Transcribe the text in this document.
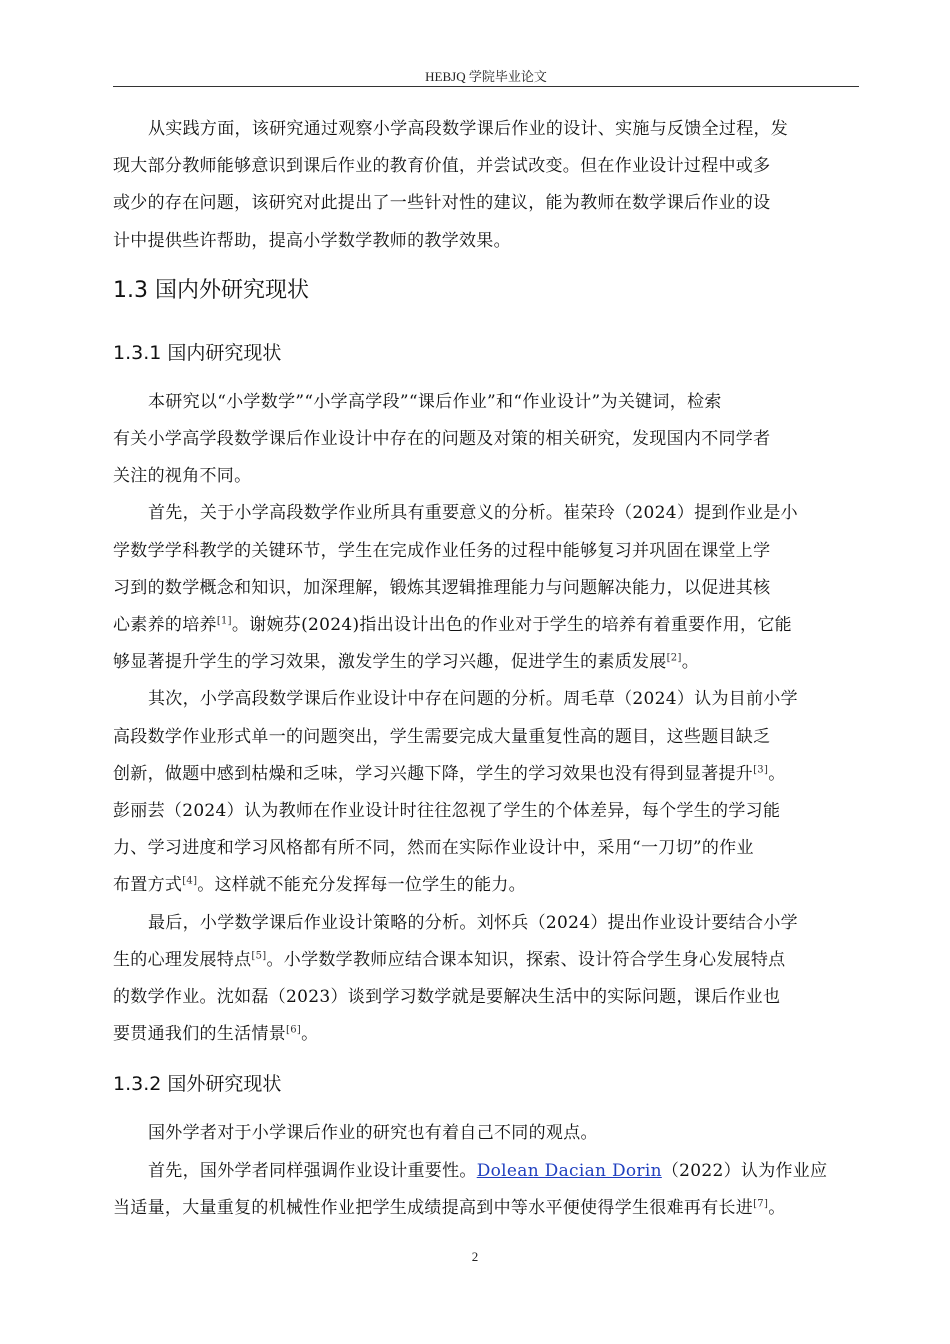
HEBJQ 学院毕业论文
从实践方面，该研究通过观察小学高段数学课后作业的设计、实施与反馈全过程，发
现大部分教师能够意识到课后作业的教育价值，并尝试改变。但在作业设计过程中或多
或少的存在问题，该研究对此提出了一些针对性的建议，能为教师在数学课后作业的设
计中提供些许帮助，提高小学数学教师的教学效果。
1.3 国内外研究现状
1.3.1 国内研究现状
本研究以“小学数学”“小学高学段”“课后作业”和“作业设计”为关键词，检索
有关小学高学段数学课后作业设计中存在的问题及对策的相关研究，发现国内不同学者
关注的视角不同。
首先，关于小学高段数学作业所具有重要意义的分析。崔荣玲（2024）提到作业是小
学数学学科教学的关键环节，学生在完成作业任务的过程中能够复习并巩固在课堂上学
习到的数学概念和知识，加深理解，锻炼其逻辑推理能力与问题解决能力，以促进其核
心素养的培养[1]。谢婉芬(2024)指出设计出色的作业对于学生的培养有着重要作用，它能
够显著提升学生的学习效果，激发学生的学习兴趣，促进学生的素质发展[2]。
其次，小学高段数学课后作业设计中存在问题的分析。周毛草（2024）认为目前小学
高段数学作业形式单一的问题突出，学生需要完成大量重复性高的题目，这些题目缺乏
创新，做题中感到枯燥和乏味，学习兴趣下降，学生的学习效果也没有得到显著提升[3]。
彭丽芸（2024）认为教师在作业设计时往往忽视了学生的个体差异，每个学生的学习能
力、学习进度和学习风格都有所不同，然而在实际作业设计中，采用“一刀切”的作业
布置方式[4]。这样就不能充分发挥每一位学生的能力。
最后，小学数学课后作业设计策略的分析。刘怀兵（2024）提出作业设计要结合小学
生的心理发展特点[5]。小学数学教师应结合课本知识，探索、设计符合学生身心发展特点
的数学作业。沈如磊（2023）谈到学习数学就是要解决生活中的实际问题，课后作业也
要贯通我们的生活情景[6]。
1.3.2 国外研究现状
国外学者对于小学课后作业的研究也有着自己不同的观点。
首先，国外学者同样强调作业设计重要性。Dolean Dacian Dorin（2022）认为作业应
当适量，大量重复的机械性作业把学生成绩提高到中等水平便使得学生很难再有长进[7]。
2
